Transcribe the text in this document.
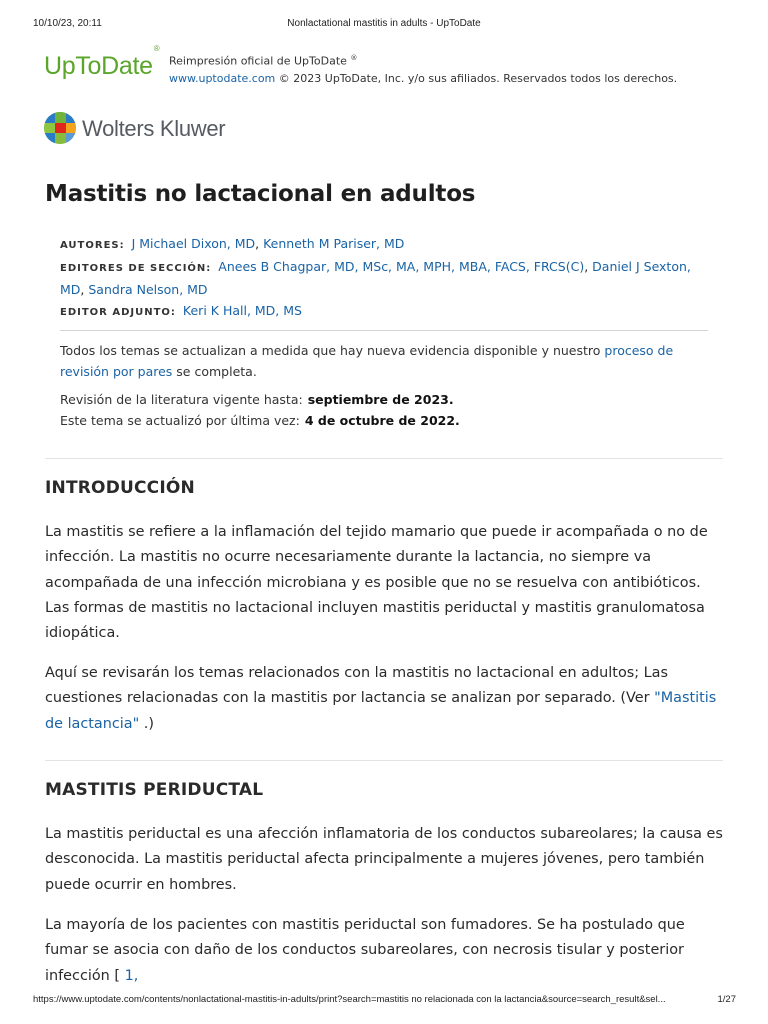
10/10/23, 20:11	Nonlactational mastitis in adults - UpToDate
UpToDate®
Reimpresión oficial de UpToDate ®
www.uptodate.com © 2023 UpToDate, Inc. y/o sus afiliados. Reservados todos los derechos.
Wolters Kluwer
Mastitis no lactacional en adultos
AUTORES: J Michael Dixon, MD, Kenneth M Pariser, MD
EDITORES DE SECCIÓN: Anees B Chagpar, MD, MSc, MA, MPH, MBA, FACS, FRCS(C), Daniel J Sexton, MD, Sandra Nelson, MD
EDITOR ADJUNTO: Keri K Hall, MD, MS
Todos los temas se actualizan a medida que hay nueva evidencia disponible y nuestro proceso de revisión por pares se completa.
Revisión de la literatura vigente hasta: septiembre de 2023.
Este tema se actualizó por última vez: 4 de octubre de 2022.
INTRODUCCIÓN

La mastitis se refiere a la inflamación del tejido mamario que puede ir acompañada o no de infección. La mastitis no ocurre necesariamente durante la lactancia, no siempre va acompañada de una infección microbiana y es posible que no se resuelva con antibióticos. Las formas de mastitis no lactacional incluyen mastitis periductal y mastitis granulomatosa idiopática.

Aquí se revisarán los temas relacionados con la mastitis no lactacional en adultos; Las cuestiones relacionadas con la mastitis por lactancia se analizan por separado. (Ver "Mastitis de lactancia" .)

MASTITIS PERIDUCTAL

La mastitis periductal es una afección inflamatoria de los conductos subareolares; la causa es desconocida. La mastitis periductal afecta principalmente a mujeres jóvenes, pero también puede ocurrir en hombres.

La mayoría de los pacientes con mastitis periductal son fumadores. Se ha postulado que fumar se asocia con daño de los conductos subareolares, con necrosis tisular y posterior infección [ 1,

https://www.uptodate.com/contents/nonlactational-mastitis-in-adults/print?search=mastitis no relacionada con la lactancia&source=search_result&sel...	1/27
